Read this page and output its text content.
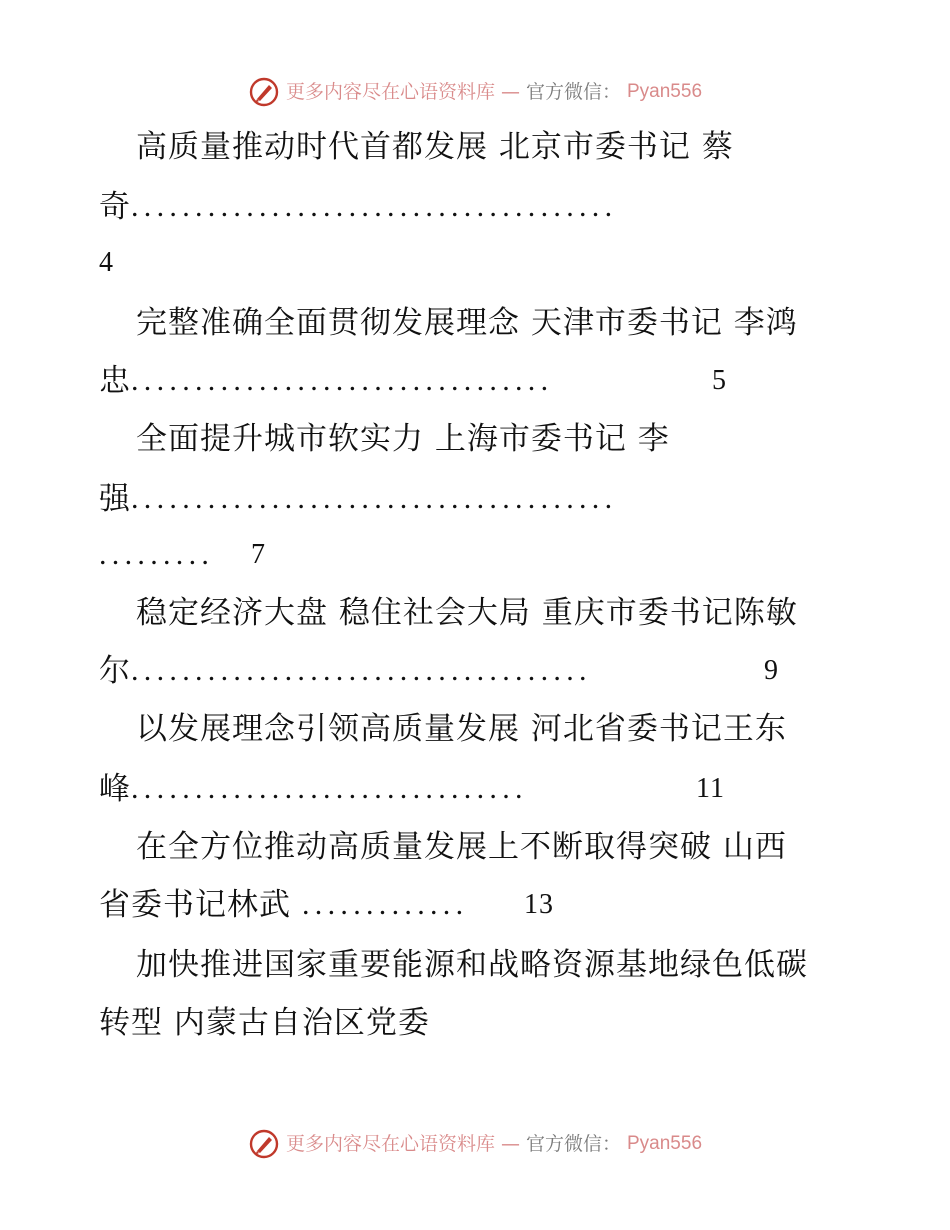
更多内容尽在心语资料库 — 官方微信： Pyan556
高质量推动时代首都发展 北京市委书记 蔡
奇 ......................................
4
完整准确全面贯彻发展理念 天津市委书记 李鸿
忠 .................................	5
全面提升城市软实力 上海市委书记 李
强 ......................................
......... 7
稳定经济大盘 稳住社会大局 重庆市委书记陈敏
尔 ....................................	9
以发展理念引领高质量发展 河北省委书记王东
峰 ...............................	11
在全方位推动高质量发展上不断取得突破 山西
省委书记林武 ............. 13
加快推进国家重要能源和战略资源基地绿色低碳
转型 内蒙古自治区党委
更多内容尽在心语资料库 — 官方微信： Pyan556
